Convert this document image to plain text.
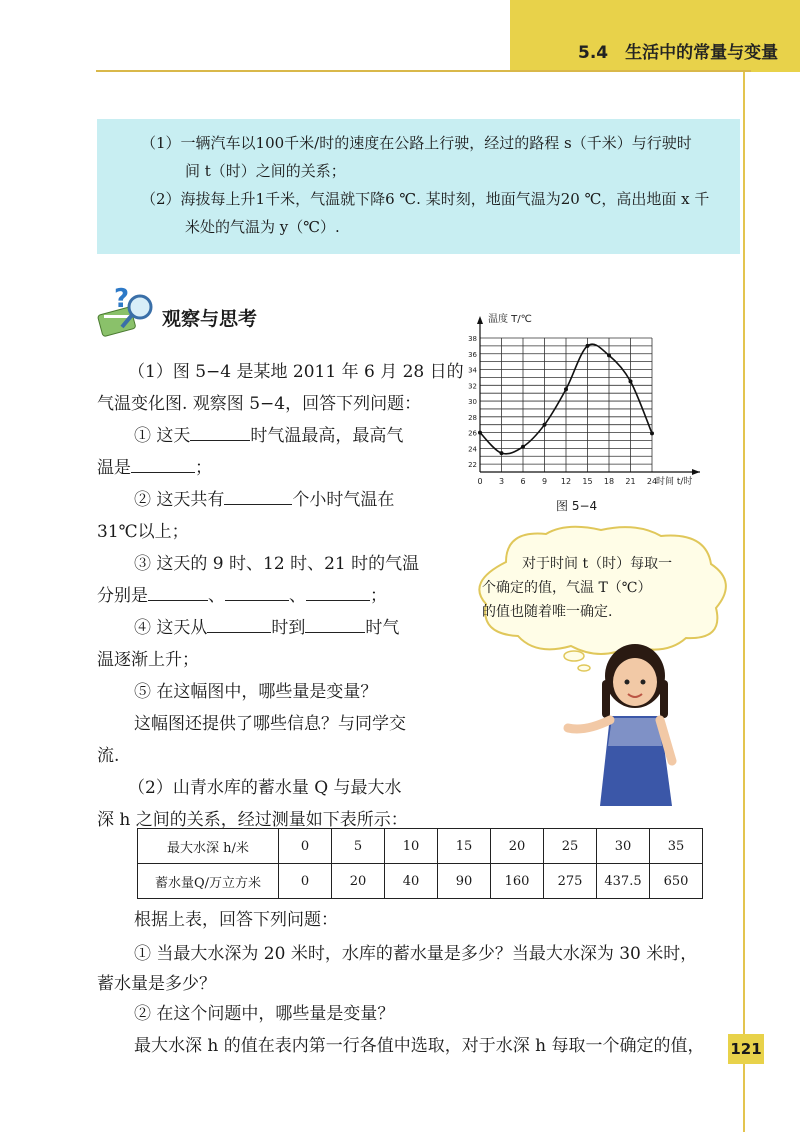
5.4　生活中的常量与变量
（1）一辆汽车以100千米/时的速度在公路上行驶，经过的路程 s（千米）与行驶时
间 t（时）之间的关系；
（2）海拔每上升1千米，气温就下降6 ℃. 某时刻，地面气温为20 ℃，高出地面 x 千
米处的气温为 y（℃）.
?
观察与思考
（1）图 5−4 是某地 2011 年 6 月 28 日的
气温变化图. 观察图 5−4，回答下列问题：
① 这天	时气温最高，最高气
温是	；
② 这天共有	个小时气温在
31℃以上；
③ 这天的 9 时、12 时、21 时的气温
分别是	、	、	；
④ 这天从	时到	时气
温逐渐上升；
⑤ 在这幅图中，哪些量是变量？
这幅图还提供了哪些信息？与同学交
流.
（2）山青水库的蓄水量 Q 与最大水
深 h 之间的关系，经过测量如下表所示：
22
24
26
28
30
32
34
36
38
0 3 6 9 12 15 18 21 24
温度 T/℃
时间 t/时
图 5−4
对于时间 t（时）每取一
个确定的值，气温 T（℃）
的值也随着唯一确定.
最大水深 h/米	0	5	10	15	20	25	30	35
蓄水量Q/万立方米	0	20	40	90	160	275	437.5	650
根据上表，回答下列问题：
① 当最大水深为 20 米时，水库的蓄水量是多少？当最大水深为 30 米时，
蓄水量是多少？
② 在这个问题中，哪些量是变量？
最大水深 h 的值在表内第一行各值中选取，对于水深 h 每取一个确定的值， 121
